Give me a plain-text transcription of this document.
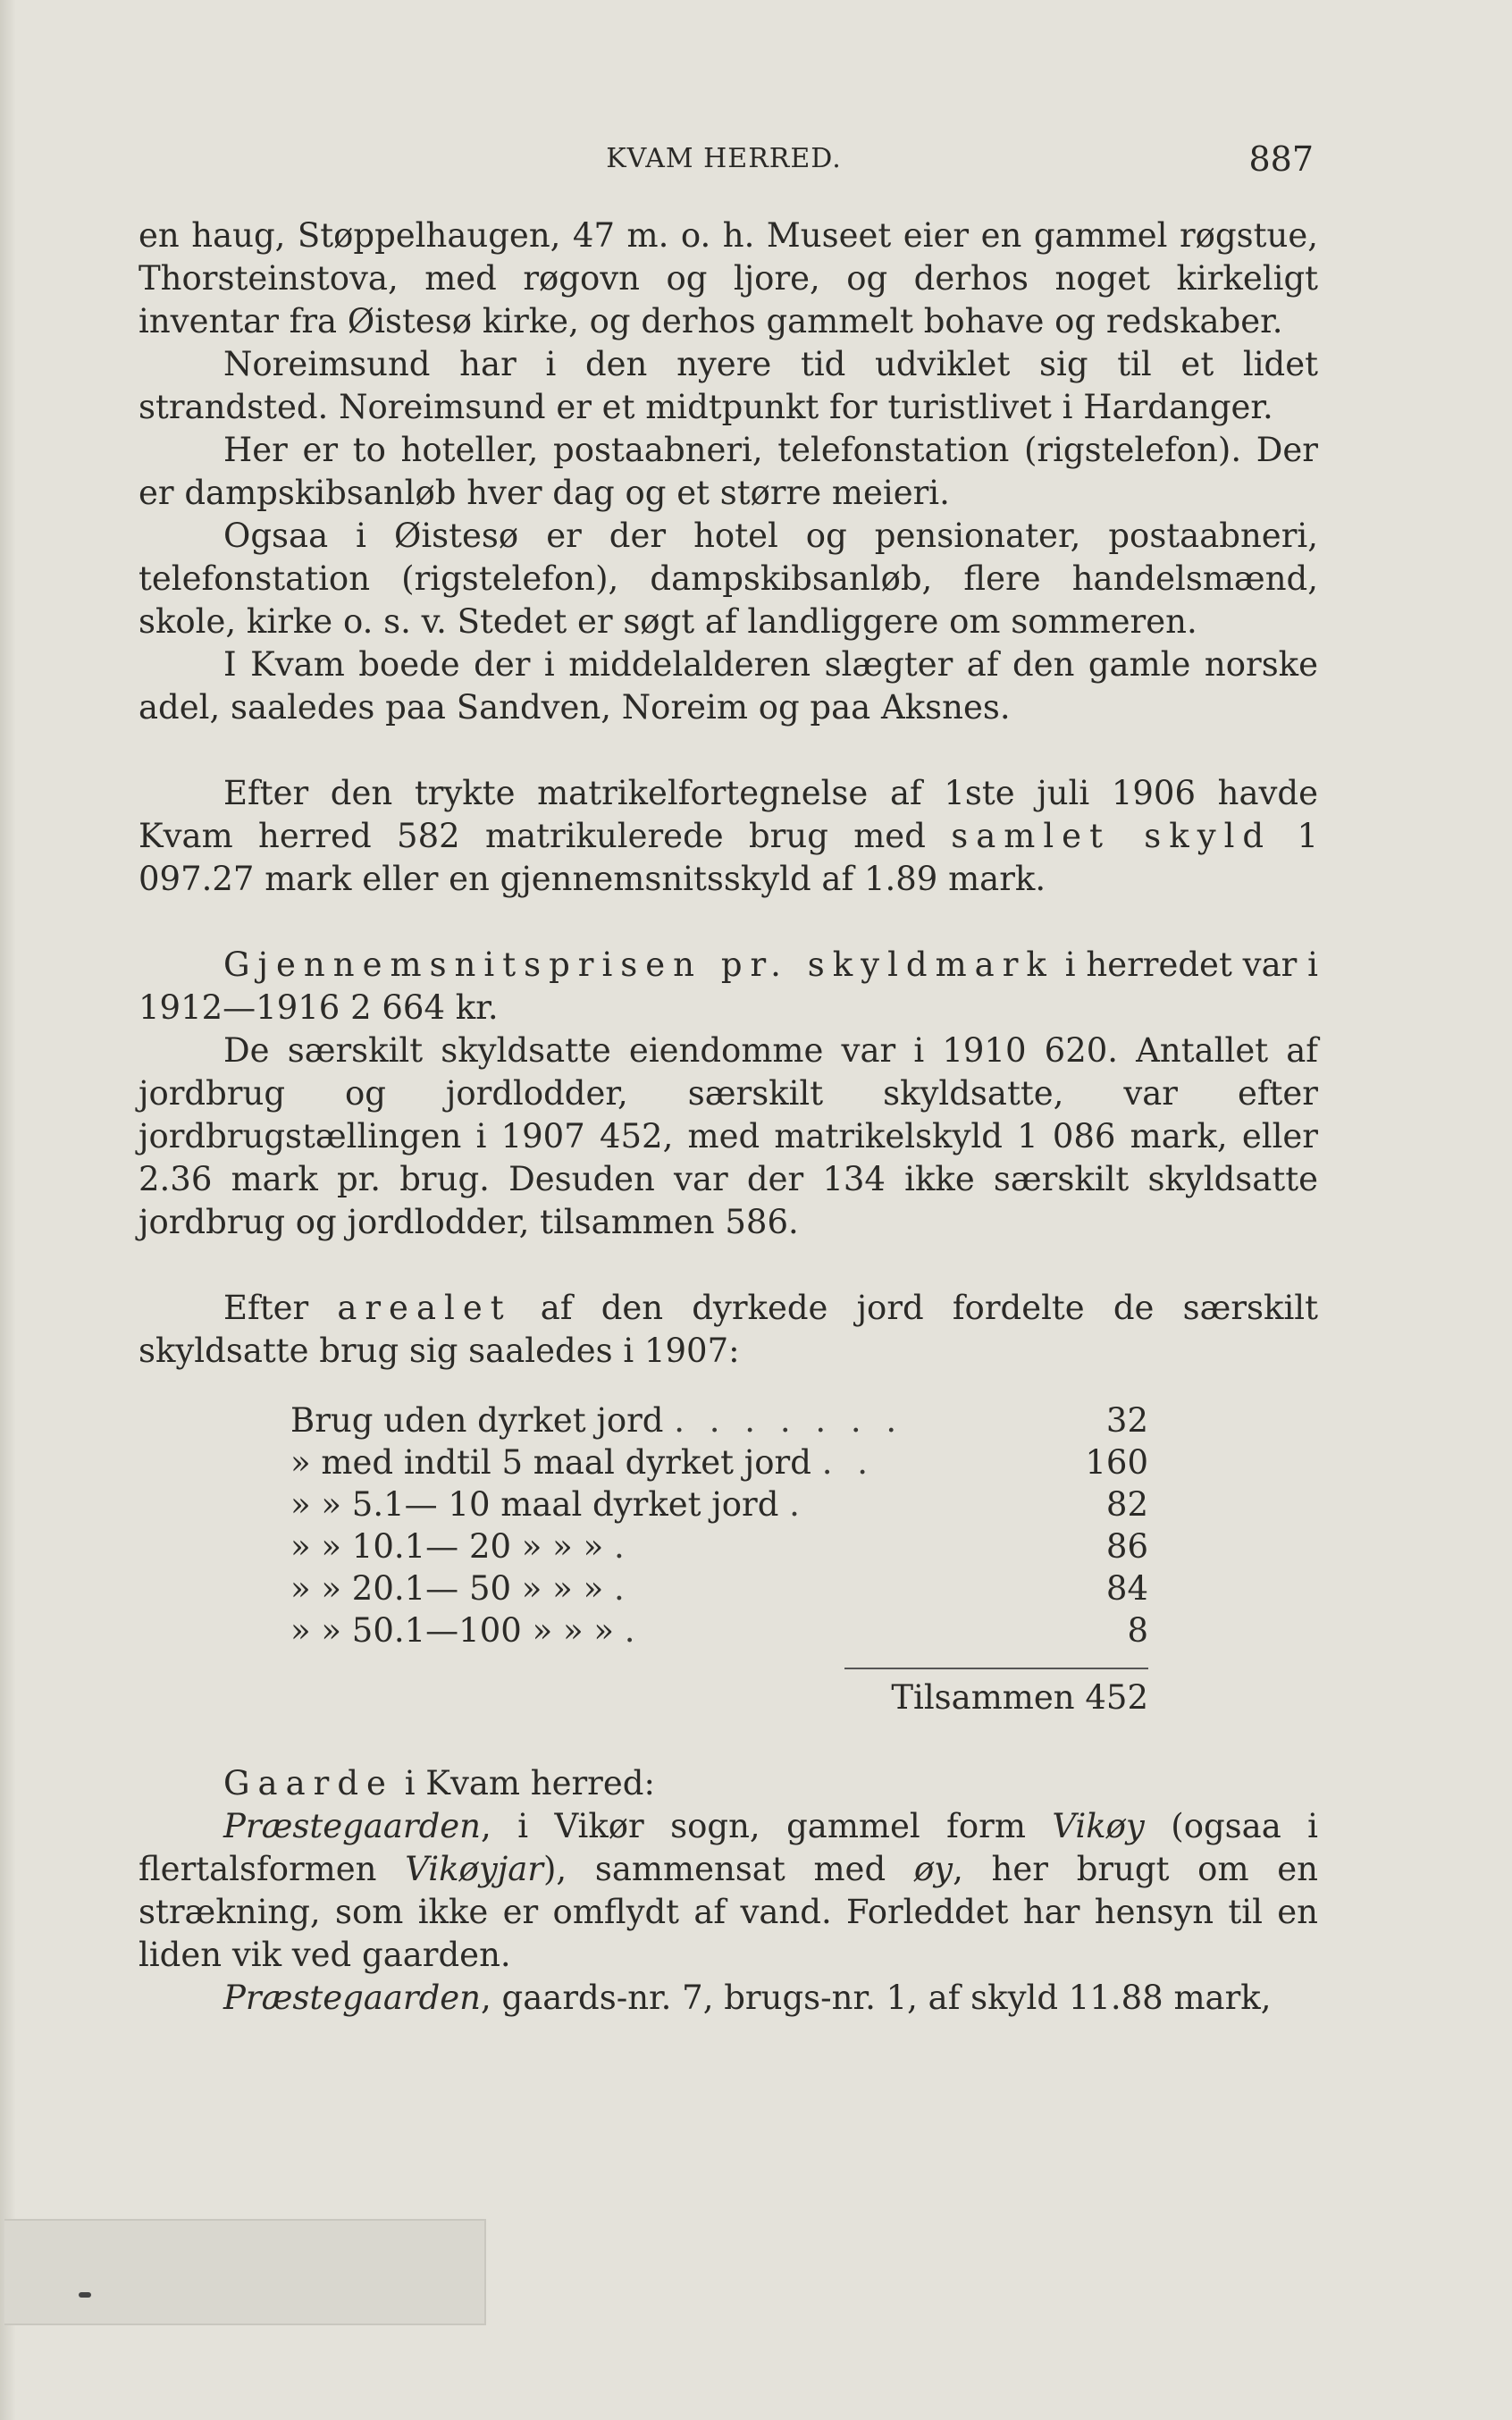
KVAM HERRED.	887

en haug, Støppelhaugen, 47 m. o. h. Museet eier en gammel røgstue, Thorsteinstova, med røgovn og ljore, og derhos noget kirkeligt inventar fra Øistesø kirke, og derhos gammelt bohave og redskaber.

Noreimsund har i den nyere tid udviklet sig til et lidet strandsted. Noreimsund er et midtpunkt for turistlivet i Hardanger.

Her er to hoteller, postaabneri, telefonstation (rigstelefon). Der er dampskibsanløb hver dag og et større meieri.

Ogsaa i Øistesø er der hotel og pensionater, postaabneri, telefonstation (rigstelefon), dampskibsanløb, flere handelsmænd, skole, kirke o. s. v. Stedet er søgt af landliggere om sommeren.

I Kvam boede der i middelalderen slægter af den gamle norske adel, saaledes paa Sandven, Noreim og paa Aksnes.

Efter den trykte matrikelfortegnelse af 1ste juli 1906 havde Kvam herred 582 matrikulerede brug med samlet skyld 1 097.27 mark eller en gjennemsnitsskyld af 1.89 mark.

Gjennemsnitsprisen pr. skyldmark i herredet var i 1912—1916 2 664 kr.

De særskilt skyldsatte eiendomme var i 1910 620. Antallet af jordbrug og jordlodder, særskilt skyldsatte, var efter jordbrugstællingen i 1907 452, med matrikelskyld 1 086 mark, eller 2.36 mark pr. brug. Desuden var der 134 ikke særskilt skyldsatte jordbrug og jordlodder, tilsammen 586.

Efter arealet af den dyrkede jord fordelte de særskilt skyldsatte brug sig saaledes i 1907:

Brug uden dyrket jord . . . . . . .	32
» med indtil 5 maal dyrket jord . .	160
» » 5.1— 10 maal dyrket jord .	82
» » 10.1— 20 » » » .	86
» » 20.1— 50 » » » .	84
» » 50.1—100 » » » .	8
Tilsammen 452

Gaarde i Kvam herred:

Præstegaarden, i Vikør sogn, gammel form Vikøy (ogsaa i flertalsformen Vikøyjar), sammensat med øy, her brugt om en strækning, som ikke er omflydt af vand. Forleddet har hensyn til en liden vik ved gaarden.

Præstegaarden, gaards-nr. 7, brugs-nr. 1, af skyld 11.88 mark,
